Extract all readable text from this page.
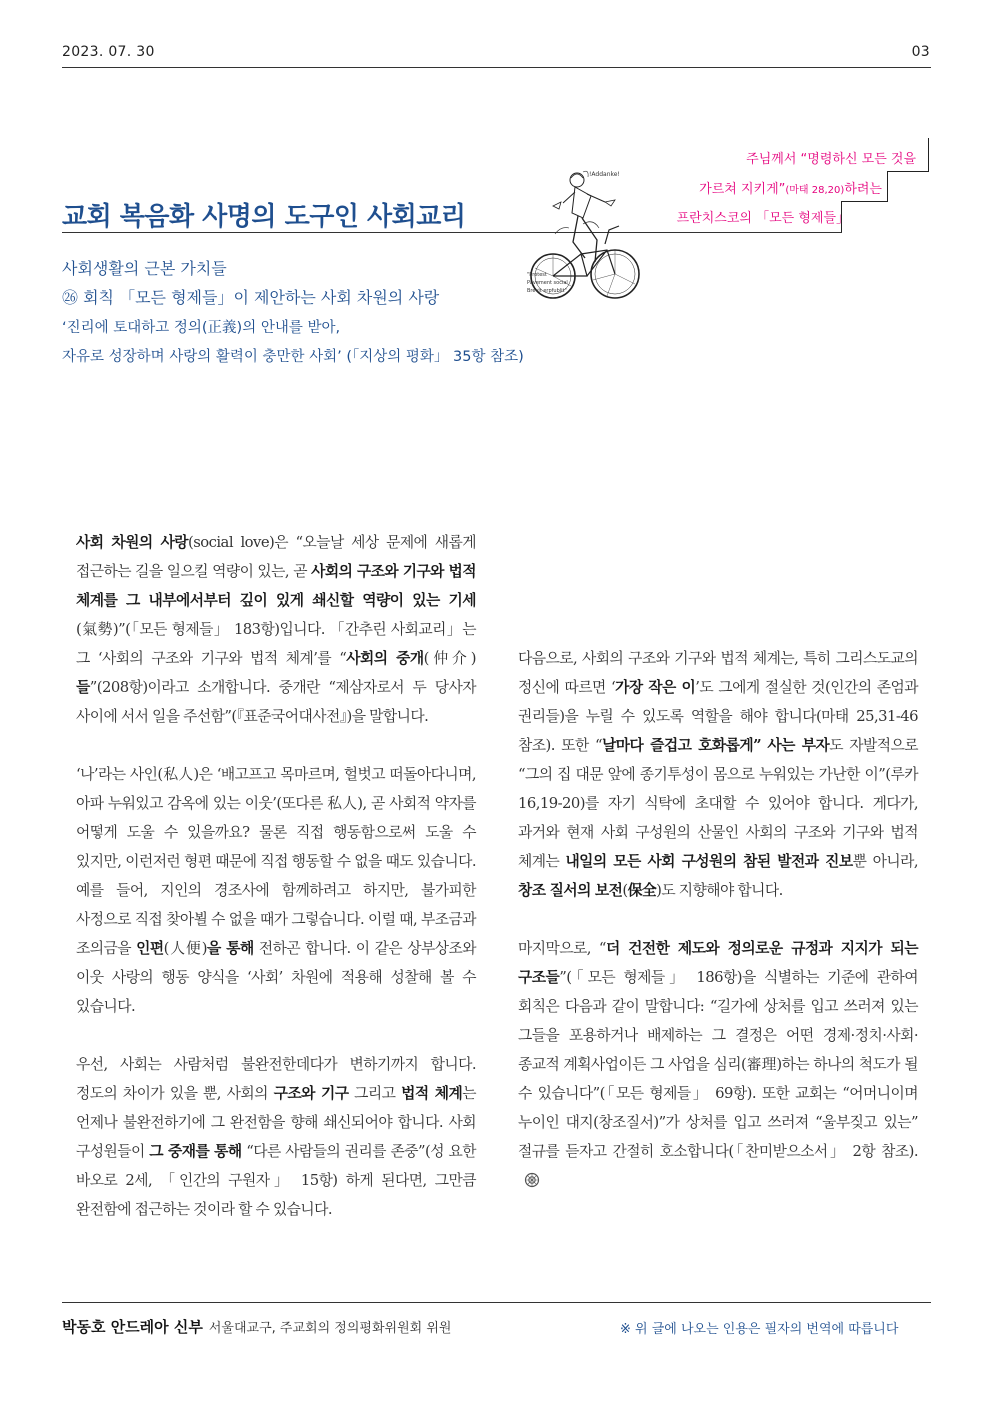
2023. 07. 30	03
주님께서 “명령하신 모든 것을
가르쳐 지키게”(마태 28,20)하려는
프란치스코의 「모든 형제들」
!Addanke!
"Protest
Pavement social
Brevit erpfublit"
교회 복음화 사명의 도구인 사회교리
사회생활의 근본 가치들
㉖ 회칙 「모든 형제들」이 제안하는 사회 차원의 사랑
‘진리에 토대하고 정의(正義)의 안내를 받아,
자유로 성장하며 사랑의 활력이 충만한 사회’ (「지상의 평화」 35항 참조)

사회 차원의 사랑(social love)은 “오늘날 세상 문제에 새롭게 접근하는 길을 일으킬 역량이 있는, 곧 사회의 구조와 기구와 법적 체계를 그 내부에서부터 깊이 있게 쇄신할 역량이 있는 기세(氣勢)”(「모든 형제들」 183항)입니다. 「간추린 사회교리」는 그 ‘사회의 구조와 기구와 법적 체계’를 “사회의 중개(仲介)들”(208항)이라고 소개합니다. 중개란 “제삼자로서 두 당사자 사이에 서서 일을 주선함”(『표준국어대사전』)을 말합니다.

‘나’라는 사인(私人)은 ‘배고프고 목마르며, 헐벗고 떠돌아다니며, 아파 누워있고 감옥에 있는 이웃’(또다른 私人), 곧 사회적 약자를 어떻게 도울 수 있을까요? 물론 직접 행동함으로써 도울 수 있지만, 이런저런 형편 때문에 직접 행동할 수 없을 때도 있습니다. 예를 들어, 지인의 경조사에 함께하려고 하지만, 불가피한 사정으로 직접 찾아뵐 수 없을 때가 그렇습니다. 이럴 때, 부조금과 조의금을 인편(人便)을 통해 전하곤 합니다. 이 같은 상부상조와 이웃 사랑의 행동 양식을 ‘사회’ 차원에 적용해 성찰해 볼 수 있습니다.

우선, 사회는 사람처럼 불완전한데다가 변하기까지 합니다. 정도의 차이가 있을 뿐, 사회의 구조와 기구 그리고 법적 체계는 언제나 불완전하기에 그 완전함을 향해 쇄신되어야 합니다. 사회 구성원들이 그 중재를 통해 “다른 사람들의 권리를 존중”(성 요한 바오로 2세, 「인간의 구원자」 15항) 하게 된다면, 그만큼 완전함에 접근하는 것이라 할 수 있습니다.

다음으로, 사회의 구조와 기구와 법적 체계는, 특히 그리스도교의 정신에 따르면 ‘가장 작은 이’도 그에게 절실한 것(인간의 존엄과 권리들)을 누릴 수 있도록 역할을 해야 합니다(마태 25,31-46 참조). 또한 “날마다 즐겁고 호화롭게” 사는 부자도 자발적으로 “그의 집 대문 앞에 종기투성이 몸으로 누워있는 가난한 이”(루카 16,19-20)를 자기 식탁에 초대할 수 있어야 합니다. 게다가, 과거와 현재 사회 구성원의 산물인 사회의 구조와 기구와 법적 체계는 내일의 모든 사회 구성원의 참된 발전과 진보뿐 아니라, 창조 질서의 보전(保全)도 지향해야 합니다.

마지막으로, “더 건전한 제도와 정의로운 규정과 지지가 되는 구조들”(「모든 형제들」 186항)을 식별하는 기준에 관하여 회칙은 다음과 같이 말합니다: “길가에 상처를 입고 쓰러져 있는 그들을 포용하거나 배제하는 그 결정은 어떤 경제·정치·사회·종교적 계획사업이든 그 사업을 심리(審理)하는 하나의 척도가 될 수 있습니다”(「모든 형제들」 69항). 또한 교회는 “어머니이며 누이인 대지(창조질서)”가 상처를 입고 쓰러져 “울부짖고 있는” 절규를 듣자고 간절히 호소합니다(「찬미받으소서」 2항 참조).

박동호 안드레아 신부 서울대교구, 주교회의 정의평화위원회 위원	※ 위 글에 나오는 인용은 필자의 번역에 따릅니다
